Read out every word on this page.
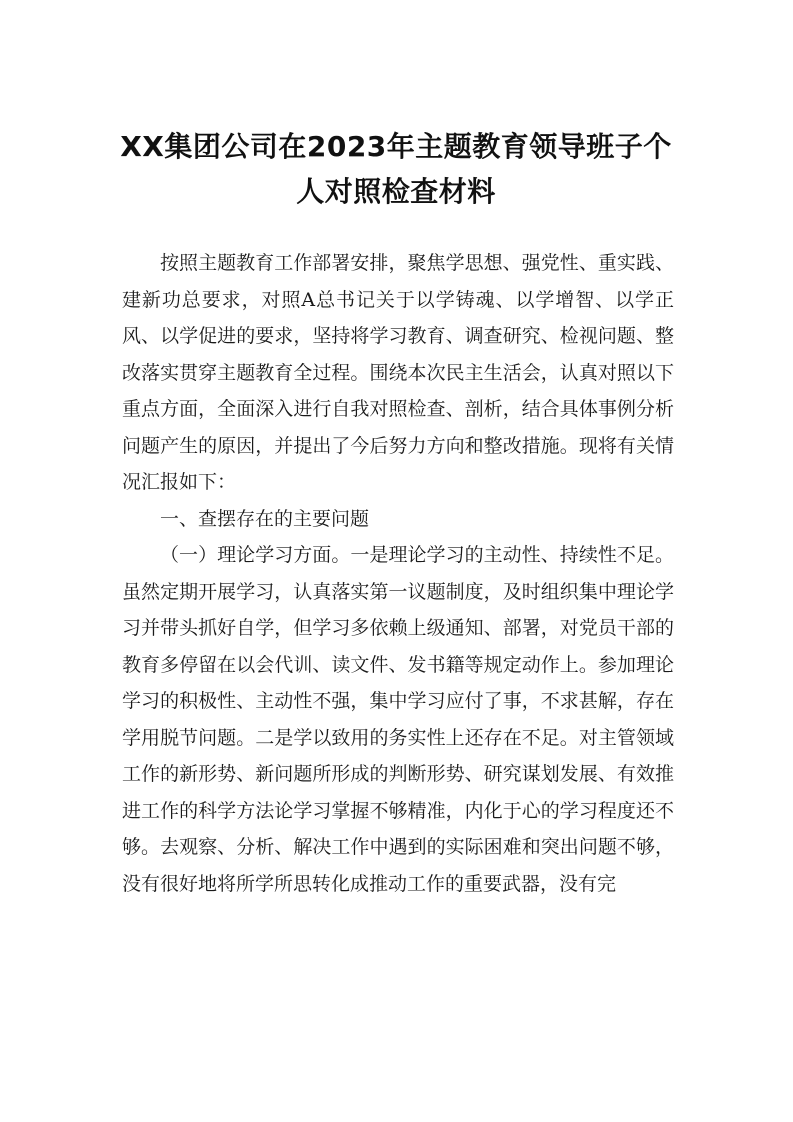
XX集团公司在2023年主题教育领导班子个人对照检查材料

按照主题教育工作部署安排，聚焦学思想、强党性、重实践、建新功总要求，对照A总书记关于以学铸魂、以学增智、以学正风、以学促进的要求，坚持将学习教育、调查研究、检视问题、整改落实贯穿主题教育全过程。围绕本次民主生活会，认真对照以下重点方面，全面深入进行自我对照检查、剖析，结合具体事例分析问题产生的原因，并提出了今后努力方向和整改措施。现将有关情况汇报如下：

一、查摆存在的主要问题

（一）理论学习方面。一是理论学习的主动性、持续性不足。虽然定期开展学习，认真落实第一议题制度，及时组织集中理论学习并带头抓好自学，但学习多依赖上级通知、部署，对党员干部的教育多停留在以会代训、读文件、发书籍等规定动作上。参加理论学习的积极性、主动性不强，集中学习应付了事，不求甚解，存在学用脱节问题。二是学以致用的务实性上还存在不足。对主管领域工作的新形势、新问题所形成的判断形势、研究谋划发展、有效推进工作的科学方法论学习掌握不够精准，内化于心的学习程度还不够。去观察、分析、解决工作中遇到的实际困难和突出问题不够，没有很好地将所学所思转化成推动工作的重要武器，没有完
